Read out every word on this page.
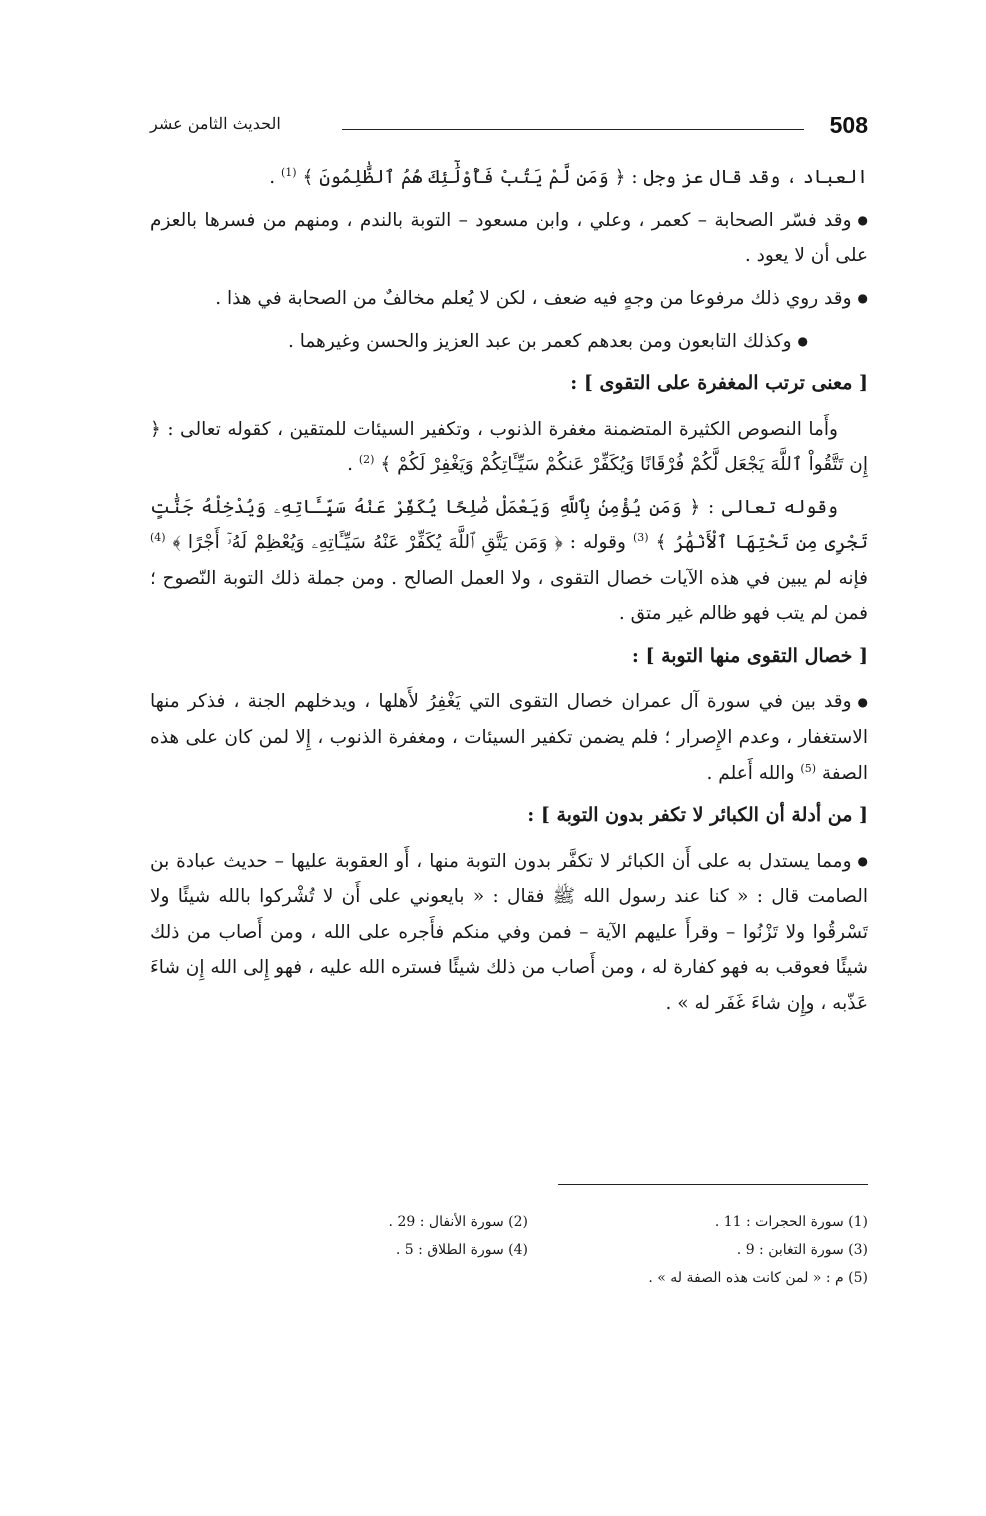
508
الحديث الثامن عشر

العباد ، وقد قال عز وجل : ﴿ وَمَن لَّمْ يَتُبْ فَأُوْلَٰٓئِكَ هُمُ ٱلظَّٰلِمُونَ ﴾ $^{(1)}$ .

●وقد فسّر الصحابة – كعمر ، وعلي ، وابن مسعود – التوبة بالندم ، ومنهم من فسرها بالعزم على أن لا يعود .

●وقد روي ذلك مرفوعا من وجهٍ فيه ضعف ، لكن لا يُعلم مخالفٌ من الصحابة في هذا .

●وكذلك التابعون ومن بعدهم كعمر بن عبد العزيز والحسن وغيرهما .

[ معنى ترتب المغفرة على التقوى ] :

وأَما النصوص الكثيرة المتضمنة مغفرة الذنوب ، وتكفير السيئات للمتقين ، كقوله تعالى : ﴿ إِن تَتَّقُواْ ٱللَّهَ يَجْعَل لَّكُمْ فُرْقَانًا وَيُكَفِّرْ عَنكُمْ سَيِّـَٔاتِكُمْ وَيَغْفِرْ لَكُمْ ﴾ $^{(2)}$ .

وقوله تعالى : ﴿ وَمَن يُؤْمِنۢ بِٱللَّهِ وَيَعْمَلْ صَٰلِحًا يُكَفِّرْ عَنْهُ سَيِّـَٔاتِهِۦ وَيُدْخِلْهُ جَنَّٰتٍ تَجْرِى مِن تَحْتِهَا ٱلْأَنْهَٰرُ ﴾ $^{(3)}$ وقوله : ﴿ وَمَن يَتَّقِ ٱللَّهَ يُكَفِّرْ عَنْهُ سَيِّـَٔاتِهِۦ وَيُعْظِمْ لَهُۥٓ أَجْرًا ﴾ $^{(4)}$ فإنه لم يبين في هذه الآيات خصال التقوى ، ولا العمل الصالح . ومن جملة ذلك التوبة النّصوح ؛ فمن لم يتب فهو ظالم غير متق .

[ خصال التقوى منها التوبة ] :

●وقد بين في سورة آل عمران خصال التقوى التي يَغْفِرُ لأَهلها ، ويدخلهم الجنة ، فذكر منها الاستغفار ، وعدم الإِصرار ؛ فلم يضمن تكفير السيئات ، ومغفرة الذنوب ، إِلا لمن كان على هذه الصفة $^{(5)}$ والله أَعلم .

[ من أدلة أن الكبائر لا تكفر بدون التوبة ] :

●ومما يستدل به على أَن الكبائر لا تكفَّر بدون التوبة منها ، أَو العقوبة عليها – حديث عبادة بن الصامت قال : « كنا عند رسول الله ﷺ فقال : « بايعوني على أَن لا تُشْركوا بالله شيئًا ولا تَسْرقُوا ولا تَزْنُوا – وقرأَ عليهم الآية – فمن وفي منكم فأَجره على الله ، ومن أَصاب من ذلك شيئًا فعوقب به فهو كفارة له ، ومن أَصاب من ذلك شيئًا فستره الله عليه ، فهو إِلى الله إِن شاءَ عَذّبه ، وإِن شاءَ غَفَر له » .

(1) سورة الحجرات : 11 .
(2) سورة الأنفال : 29 .
(3) سورة التغابن : 9 .
(4) سورة الطلاق : 5 .
(5) م : « لمن كانت هذه الصفة له » .
